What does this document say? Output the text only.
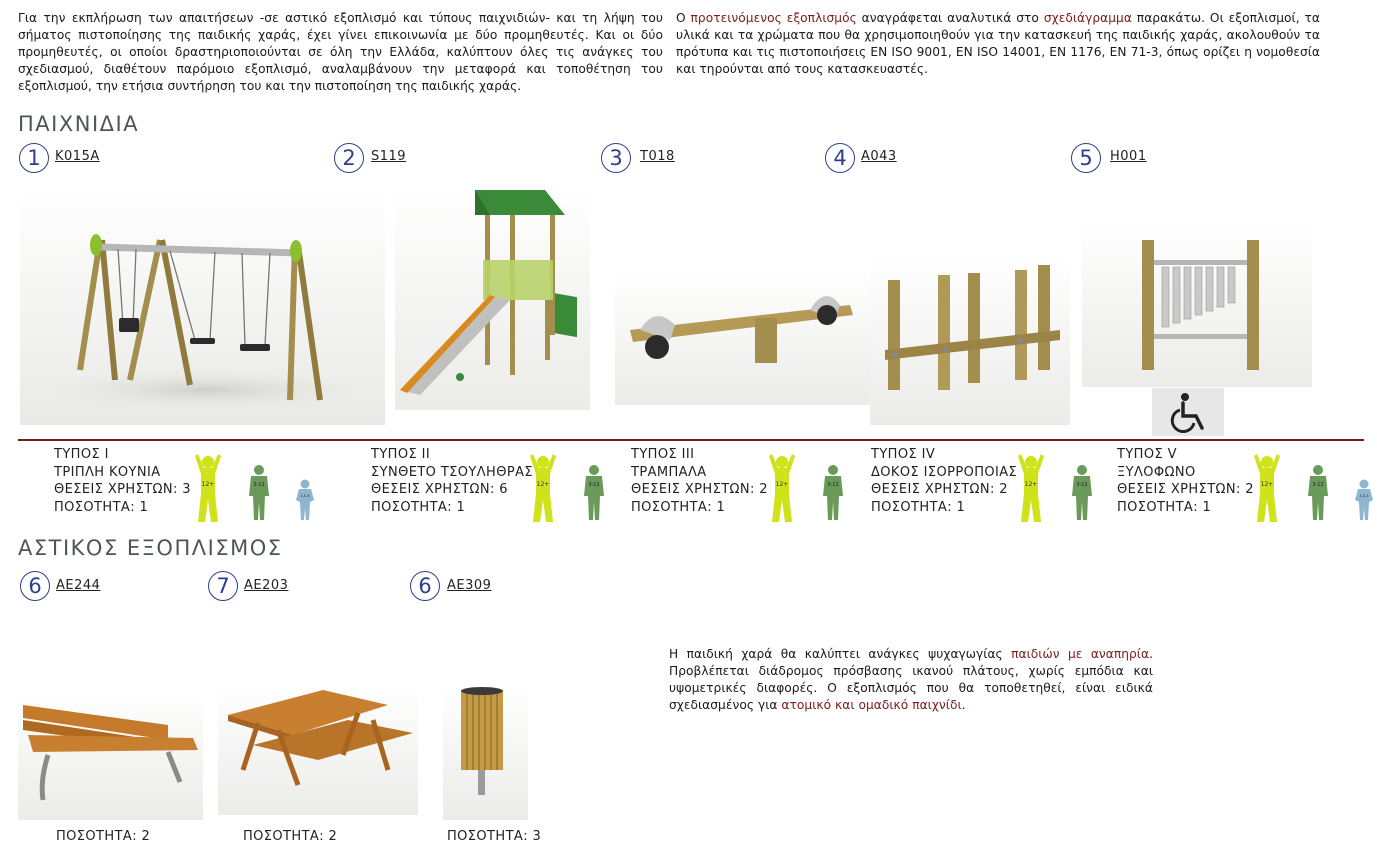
Για την εκπλήρωση των απαιτήσεων -σε αστικό εξοπλισμό και τύπους παιχνιδιών- και τη λήψη του σήματος πιστοποίησης της παιδικής χαράς, έχει γίνει επικοινωνία με δύο προμηθευτές. Και οι δύο προμηθευτές, οι οποίοι δραστηριοποιούνται σε όλη την Ελλάδα, καλύπτουν όλες τις ανάγκες του σχεδιασμού, διαθέτουν παρόμοιο εξοπλισμό, αναλαμβάνουν την μεταφορά και τοποθέτηση του εξοπλισμού, την ετήσια συντήρηση του και την πιστοποίηση της παιδικής χαράς.

Ο προτεινόμενος εξοπλισμός αναγράφεται αναλυτικά στο σχεδιάγραμμα παρακάτω. Οι εξοπλισμοί, τα υλικά και τα χρώματα που θα χρησιμοποιηθούν για την κατασκευή της παιδικής χαράς, ακολουθούν τα πρότυπα και τις πιστοποιήσεις EN ISO 9001, EN ISO 14001, EN 1176, EN 71-3, όπως ορίζει η νομοθεσία και τηρούνται από τους κατασκευαστές.

ΠΑΙΧΝΙΔΙΑ
1	K015A	2	S119	3	T018	4	A043	5	H001
ΤΥΠΟΣ Ι
ΤΡΙΠΛΗ ΚΟΥΝΙΑ
ΘΕΣΕΙΣ ΧΡΗΣΤΩΝ: 3
ΠΟΣΟΤΗΤΑ: 1
ΤΥΠΟΣ ΙΙ
ΣΥΝΘΕΤΟ ΤΣΟΥΛΗΘΡΑΣ
ΘΕΣΕΙΣ ΧΡΗΣΤΩΝ: 6
ΠΟΣΟΤΗΤΑ: 1
ΤΥΠΟΣ ΙΙΙ
ΤΡΑΜΠΑΛΑ
ΘΕΣΕΙΣ ΧΡΗΣΤΩΝ: 2
ΠΟΣΟΤΗΤΑ: 1
ΤΥΠΟΣ ΙV
ΔΟΚΟΣ ΙΣΟΡΡΟΠΟΙΑΣ
ΘΕΣΕΙΣ ΧΡΗΣΤΩΝ: 2
ΠΟΣΟΤΗΤΑ: 1
ΤΥΠΟΣ V
ΞΥΛΟΦΩΝΟ
ΘΕΣΕΙΣ ΧΡΗΣΤΩΝ: 2
ΠΟΣΟΤΗΤΑ: 1
12+	3-12
1,5-3
12+	3-12	12+	3-12	12+	3-12	12+	3-12
1,5-3
ΑΣΤΙΚΟΣ ΕΞΟΠΛΙΣΜΟΣ
6	AE244	7	AE203	6	AE309
ΠΟΣΟΤΗΤΑ: 2	ΠΟΣΟΤΗΤΑ: 2	ΠΟΣΟΤΗΤΑ: 3

Η παιδική χαρά θα καλύπτει ανάγκες ψυχαγωγίας παιδιών με αναπηρία. Προβλέπεται διάδρομος πρόσβασης ικανού πλάτους, χωρίς εμπόδια και υψομετρικές διαφορές. Ο εξοπλισμός που θα τοποθετηθεί, είναι ειδικά σχεδιασμένος για ατομικό και ομαδικό παιχνίδι.
